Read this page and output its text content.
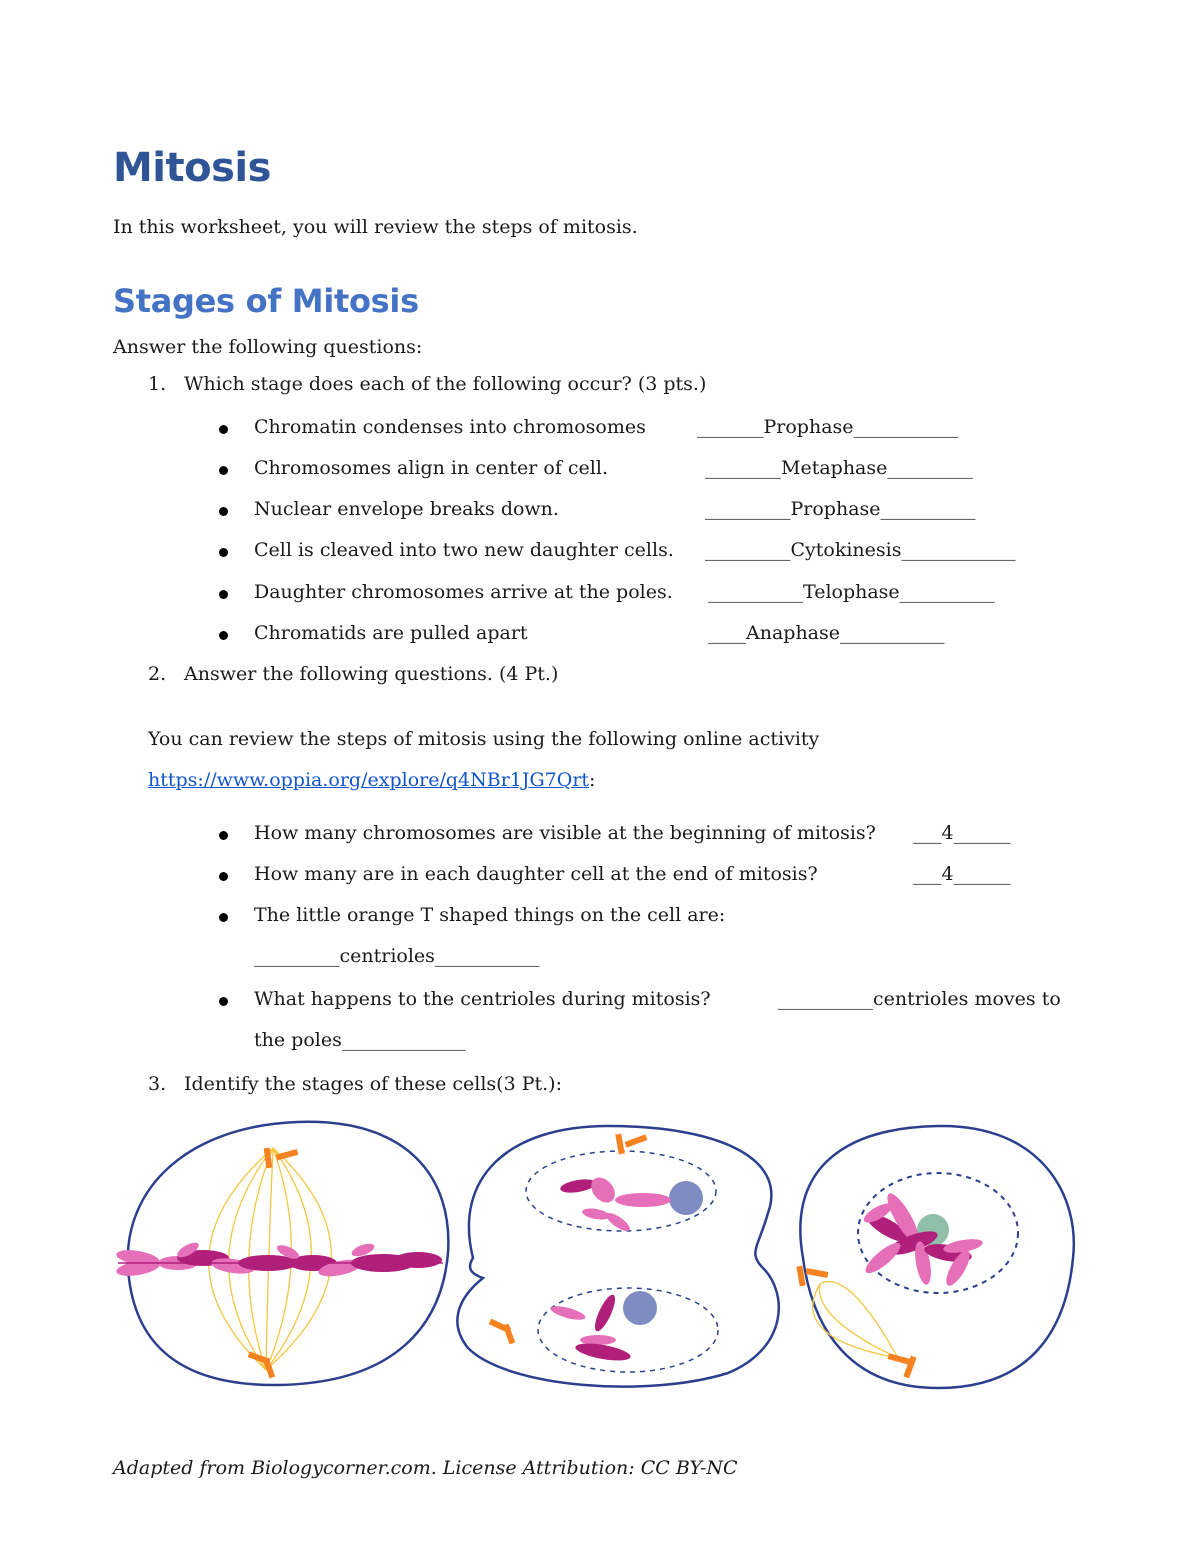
Mitosis

In this worksheet, you will review the steps of mitosis.

Stages of Mitosis

Answer the following questions:

1. Which stage does each of the following occur? (3 pts.)
Chromatin condenses into chromosomes	_______Prophase___________
Chromosomes align in center of cell.	________Metaphase_________
Nuclear envelope breaks down.	_________Prophase__________
Cell is cleaved into two new daughter cells. _________Cytokinesis____________
Daughter chromosomes arrive at the poles. __________Telophase__________
Chromatids are pulled apart	____Anaphase___________
2. Answer the following questions. (4 Pt.)
You can review the steps of mitosis using the following online activity
https://www.oppia.org/explore/q4NBr1JG7Qrt:
How many chromosomes are visible at the beginning of mitosis? ___4______
How many are in each daughter cell at the end of mitosis?	___4______
The little orange T shaped things on the cell are:
_________centrioles___________
What happens to the centrioles during mitosis?	__________centrioles moves to
the poles_____________
3. Identify the stages of these cells(3 Pt.):

Adapted from Biologycorner.com. License Attribution: CC BY-NC
